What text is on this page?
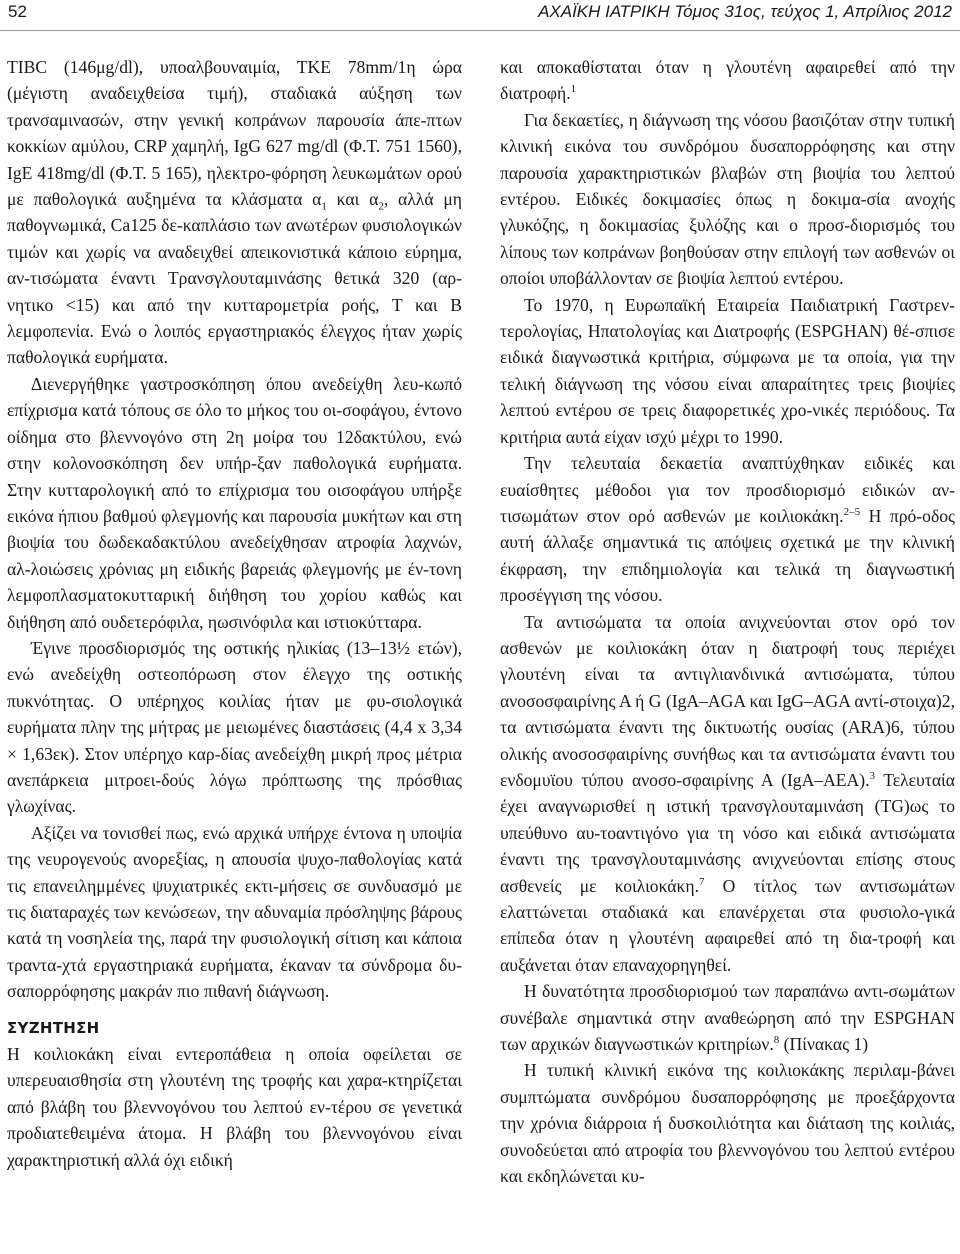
52	ΑΧΑΪΚΗ ΙΑΤΡΙΚΗ Τόμος 31ος, τεύχος 1, Απρίλιος 2012

TIBC (146μg/dl), υποαλβουναιμία, ΤΚΕ 78mm/1η ώρα (μέγιστη αναδειχθείσα τιμή), σταδιακά αύξηση των τρανσαμινασών, στην γενική κοπράνων παρουσία άπε-πτων κοκκίων αμύλου, CRP χαμηλή, IgG 627 mg/dl (Φ.Τ. 751 1560), IgE 418mg/dl (Φ.Τ. 5 165), ηλεκτρο-φόρηση λευκωμάτων ορού με παθολογικά αυξημένα τα κλάσματα $\alpha_1$ και $\alpha_2$, αλλά μη παθογνωμικά, Ca125 δε-καπλάσιο των ανωτέρων φυσιολογικών τιμών και χωρίς να αναδειχθεί απεικονιστικά κάποιο εύρημα, αν-τισώματα έναντι Τρανσγλουταμινάσης θετικά 320 (αρ-νητικο <15) και από την κυτταρομετρία ροής, Τ και Β λεμφοπενία. Ενώ ο λοιπός εργαστηριακός έλεγχος ήταν χωρίς παθολογικά ευρήματα.

Διενεργήθηκε γαστροσκόπηση όπου ανεδείχθη λευ-κωπό επίχρισμα κατά τόπους σε όλο το μήκος του οι-σοφάγου, έντονο οίδημα στο βλεννογόνο στη 2η μοίρα του 12δακτύλου, ενώ στην κολονοσκόπηση δεν υπήρ-ξαν παθολογικά ευρήματα. Στην κυτταρολογική από το επίχρισμα του οισοφάγου υπήρξε εικόνα ήπιου βαθμού φλεγμονής και παρουσία μυκήτων και στη βιοψία του δωδεκαδακτύλου ανεδείχθησαν ατροφία λαχνών, αλ-λοιώσεις χρόνιας μη ειδικής βαρειάς φλεγμονής με έν-τονη λεμφοπλασματοκυτταρική διήθηση του χορίου καθώς και διήθηση από ουδετερόφιλα, ηωσινόφιλα και ιστιοκύτταρα.

Έγινε προσδιορισμός της οστικής ηλικίας (13–13½ ετών), ενώ ανεδείχθη οστεοπόρωση στον έλεγχο της οστικής πυκνότητας. Ο υπέρηχος κοιλίας ήταν με φυ-σιολογικά ευρήματα πλην της μήτρας με μειωμένες διαστάσεις (4,4 x 3,34 × 1,63εκ). Στον υπέρηχο καρ-δίας ανεδείχθη μικρή προς μέτρια ανεπάρκεια μιτροει-δούς λόγω πρόπτωσης της πρόσθιας γλωχίνας.

Αξίζει να τονισθεί πως, ενώ αρχικά υπήρχε έντονα η υποψία της νευρογενούς ανορεξίας, η απουσία ψυχο-παθολογίας κατά τις επανειλημμένες ψυχιατρικές εκτι-μήσεις σε συνδυασμό με τις διαταραχές των κενώσεων, την αδυναμία πρόσληψης βάρους κατά τη νοσηλεία της, παρά την φυσιολογική σίτιση και κάποια τραντα-χτά εργαστηριακά ευρήματα, έκαναν τα σύνδρομα δυ-σαπορρόφησης μακράν πιο πιθανή διάγνωση.

ΣΥΖΗΤΗΣΗ

Η κοιλιοκάκη είναι εντεροπάθεια η οποία οφείλεται σε υπερευαισθησία στη γλουτένη της τροφής και χαρα-κτηρίζεται από βλάβη του βλεννογόνου του λεπτού εν-τέρου σε γενετικά προδιατεθειμένα άτομα. Η βλάβη του βλεννογόνου είναι χαρακτηριστική αλλά όχι ειδική

και αποκαθίσταται όταν η γλουτένη αφαιρεθεί από την διατροφή.$^1$

Για δεκαετίες, η διάγνωση της νόσου βασιζόταν στην τυπική κλινική εικόνα του συνδρόμου δυσαπορρόφησης και στην παρουσία χαρακτηριστικών βλαβών στη βιοψία του λεπτού εντέρου. Ειδικές δοκιμασίες όπως η δοκιμα-σία ανοχής γλυκόζης, η δοκιμασίας ξυλόζης και ο προσ-διορισμός του λίπους των κοπράνων βοηθούσαν στην επιλογή των ασθενών οι οποίοι υποβάλλονταν σε βιοψία λεπτού εντέρου.

Το 1970, η Ευρωπαϊκή Εταιρεία Παιδιατρική Γαστρεν-τερολογίας, Ηπατολογίας και Διατροφής (ESPGHAN) θέ-σπισε ειδικά διαγνωστικά κριτήρια, σύμφωνα με τα οποία, για την τελική διάγνωση της νόσου είναι απαραίτητες τρεις βιοψίες λεπτού εντέρου σε τρεις διαφορετικές χρο-νικές περιόδους. Τα κριτήρια αυτά είχαν ισχύ μέχρι το 1990.

Την τελευταία δεκαετία αναπτύχθηκαν ειδικές και ευαίσθητες μέθοδοι για τον προσδιορισμό ειδικών αν-τισωμάτων στον ορό ασθενών με κοιλιοκάκη.$^{2-5}$ Η πρό-οδος αυτή άλλαξε σημαντικά τις απόψεις σχετικά με την κλινική έκφραση, την επιδημιολογία και τελικά τη διαγνωστική προσέγγιση της νόσου.

Τα αντισώματα τα οποία ανιχνεύονται στον ορό τον ασθενών με κοιλιοκάκη όταν η διατροφή τους περιέχει γλουτένη είναι τα αντιγλιανδινικά αντισώματα, τύπου ανοσοσφαιρίνης Α ή G (IgA–AGA και IgG–AGA αντί-στοιχα)2, τα αντισώματα έναντι της δικτυωτής ουσίας (ARA)6, τύπου ολικής ανοσοσφαιρίνης συνήθως και τα αντισώματα έναντι του ενδομυϊου τύπου ανοσο-σφαιρίνης Α (IgA–AEA).$^3$ Τελευταία έχει αναγνωρισθεί η ιστική τρανσγλουταμινάση (TG)ως το υπεύθυνο αυ-τοαντιγόνο για τη νόσο και ειδικά αντισώματα έναντι της τρανσγλουταμινάσης ανιχνεύονται επίσης στους ασθενείς με κοιλιοκάκη.$^7$ Ο τίτλος των αντισωμάτων ελαττώνεται σταδιακά και επανέρχεται στα φυσιολο-γικά επίπεδα όταν η γλουτένη αφαιρεθεί από τη δια-τροφή και αυξάνεται όταν επαναχορηγηθεί.

Η δυνατότητα προσδιορισμού των παραπάνω αντι-σωμάτων συνέβαλε σημαντικά στην αναθεώρηση από την ESPGHAN των αρχικών διαγνωστικών κριτηρίων.$^8$ (Πίνακας 1)

Η τυπική κλινική εικόνα της κοιλιοκάκης περιλαμ-βάνει συμπτώματα συνδρόμου δυσαπορρόφησης με προεξάρχοντα την χρόνια διάρροια ή δυσκοιλιότητα και διάταση της κοιλιάς, συνοδεύεται από ατροφία του βλεννογόνου του λεπτού εντέρου και εκδηλώνεται κυ-
